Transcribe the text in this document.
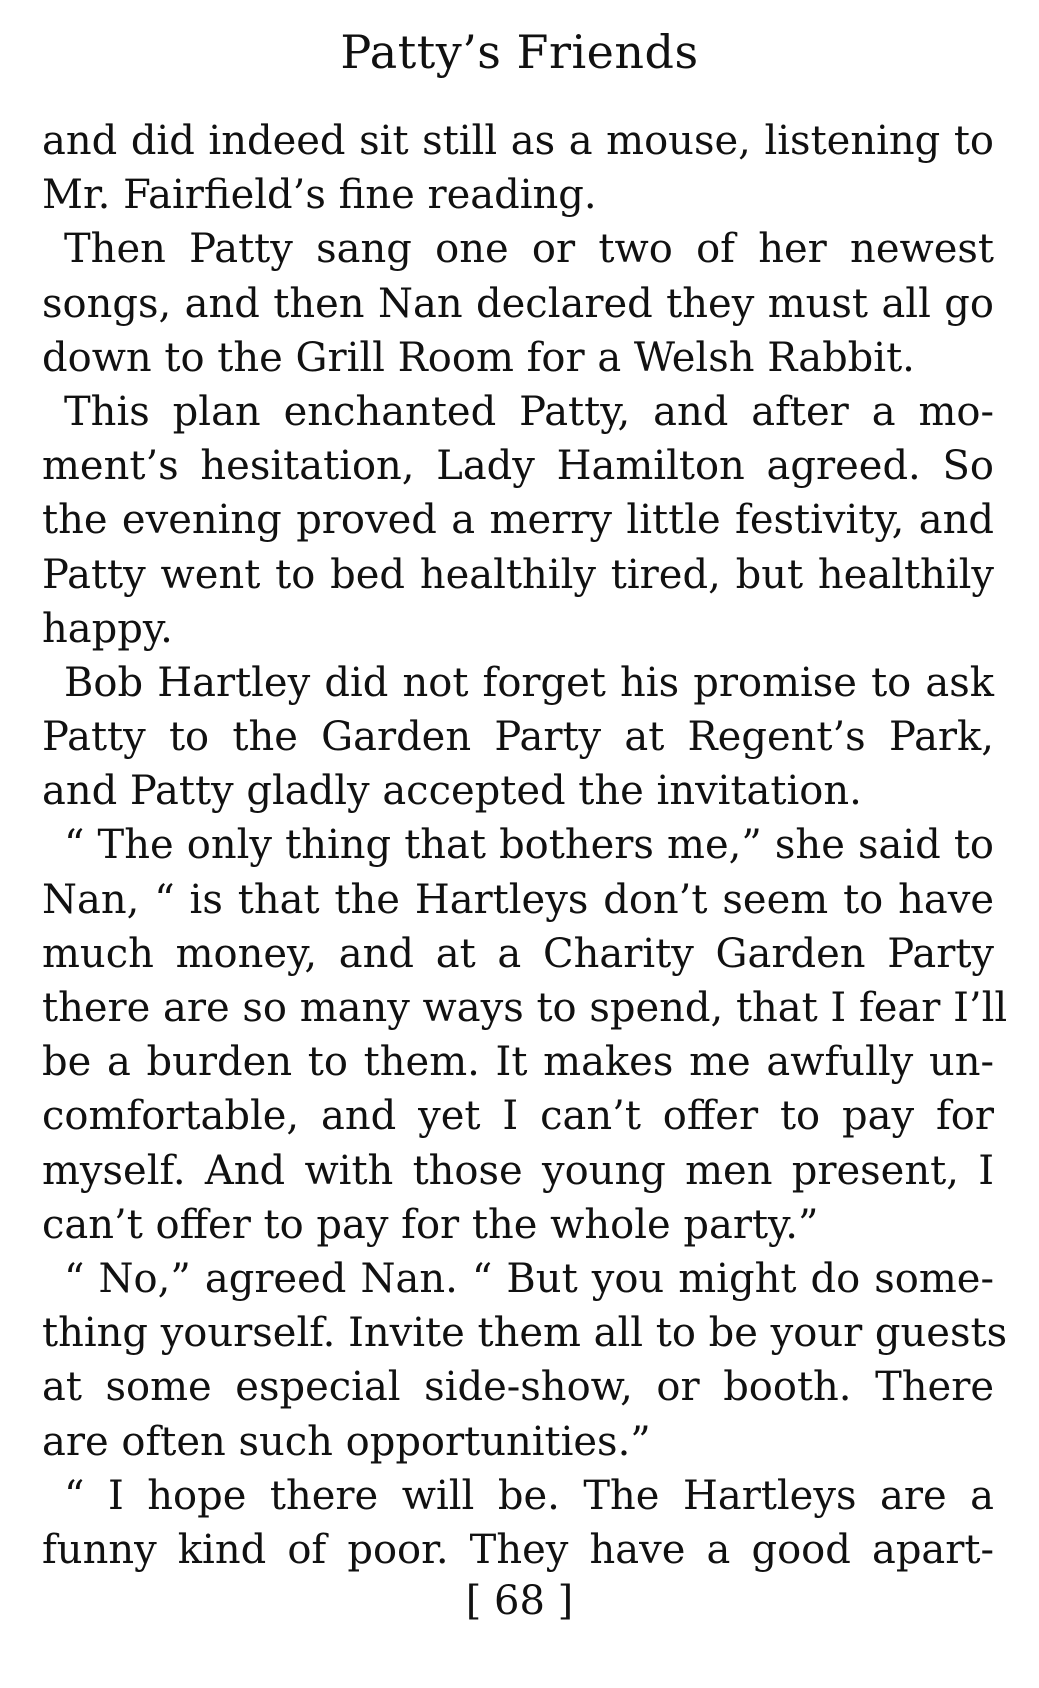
Patty’s Friends
and did indeed sit still as a mouse, listening to
Mr. Fairfield’s fine reading.
Then Patty sang one or two of her newest
songs, and then Nan declared they must all go
down to the Grill Room for a Welsh Rabbit.
This plan enchanted Patty, and after a mo-
ment’s hesitation, Lady Hamilton agreed. So
the evening proved a merry little festivity, and
Patty went to bed healthily tired, but healthily
happy.
Bob Hartley did not forget his promise to ask
Patty to the Garden Party at Regent’s Park,
and Patty gladly accepted the invitation.
“ The only thing that bothers me,” she said to
Nan, “ is that the Hartleys don’t seem to have
much money, and at a Charity Garden Party
there are so many ways to spend, that I fear I’ll
be a burden to them. It makes me awfully un-
comfortable, and yet I can’t offer to pay for
myself. And with those young men present, I
can’t offer to pay for the whole party.”
“ No,” agreed Nan. “ But you might do some-
thing yourself. Invite them all to be your guests
at some especial side-show, or booth. There
are often such opportunities.”
“ I hope there will be. The Hartleys are a
funny kind of poor. They have a good apart-
[ 68 ]
